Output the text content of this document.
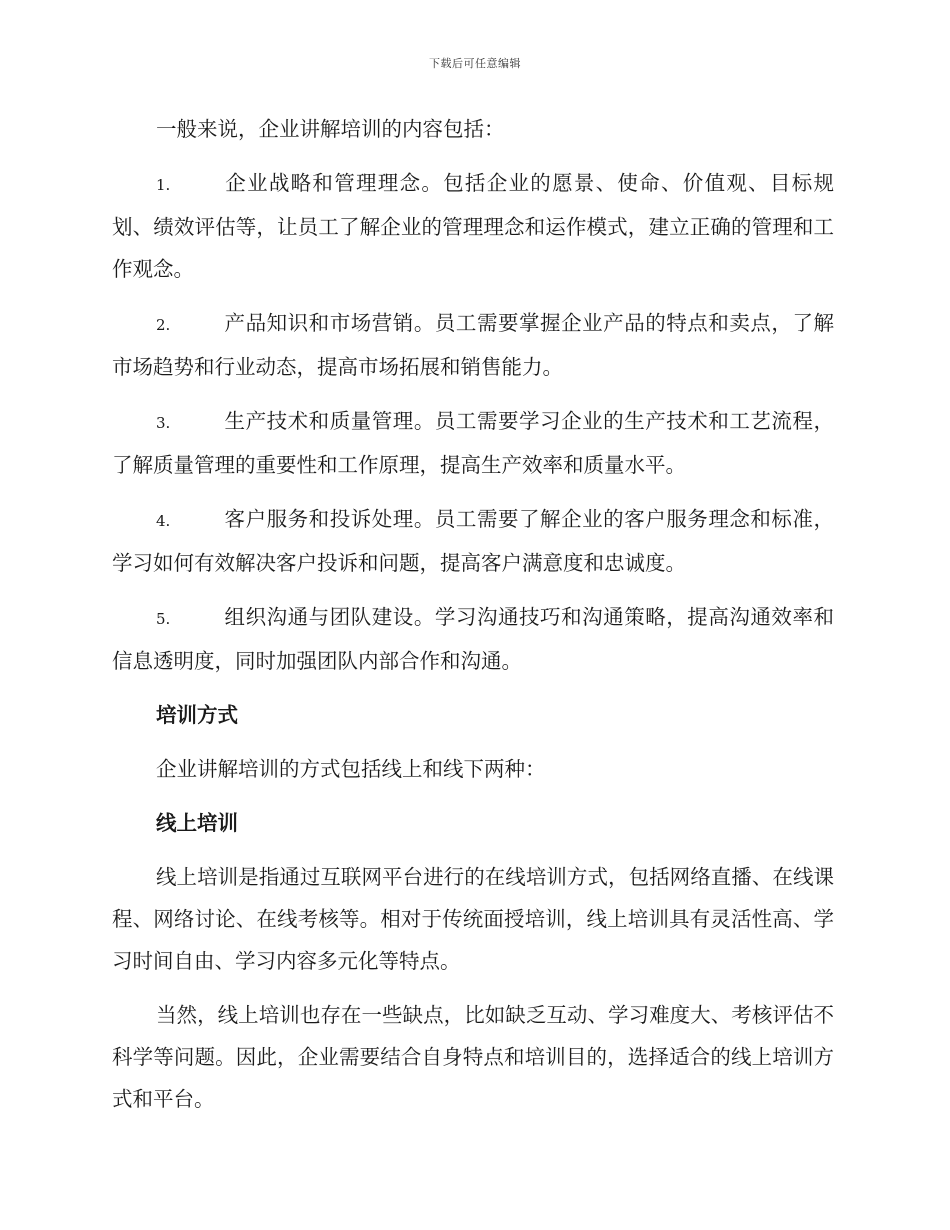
下载后可任意编辑

一般来说，企业讲解培训的内容包括：

1.	企业战略和管理理念。包括企业的愿景、使命、价值观、目标规划、绩效评估等，让员工了解企业的管理理念和运作模式，建立正确的管理和工作观念。

2.	产品知识和市场营销。员工需要掌握企业产品的特点和卖点，了解市场趋势和行业动态，提高市场拓展和销售能力。

3.	生产技术和质量管理。员工需要学习企业的生产技术和工艺流程，了解质量管理的重要性和工作原理，提高生产效率和质量水平。

4.	客户服务和投诉处理。员工需要了解企业的客户服务理念和标准，学习如何有效解决客户投诉和问题，提高客户满意度和忠诚度。

5.	组织沟通与团队建设。学习沟通技巧和沟通策略，提高沟通效率和信息透明度，同时加强团队内部合作和沟通。

培训方式

企业讲解培训的方式包括线上和线下两种：

线上培训

线上培训是指通过互联网平台进行的在线培训方式，包括网络直播、在线课程、网络讨论、在线考核等。相对于传统面授培训，线上培训具有灵活性高、学习时间自由、学习内容多元化等特点。

当然，线上培训也存在一些缺点，比如缺乏互动、学习难度大、考核评估不科学等问题。因此，企业需要结合自身特点和培训目的，选择适合的线上培训方式和平台。
